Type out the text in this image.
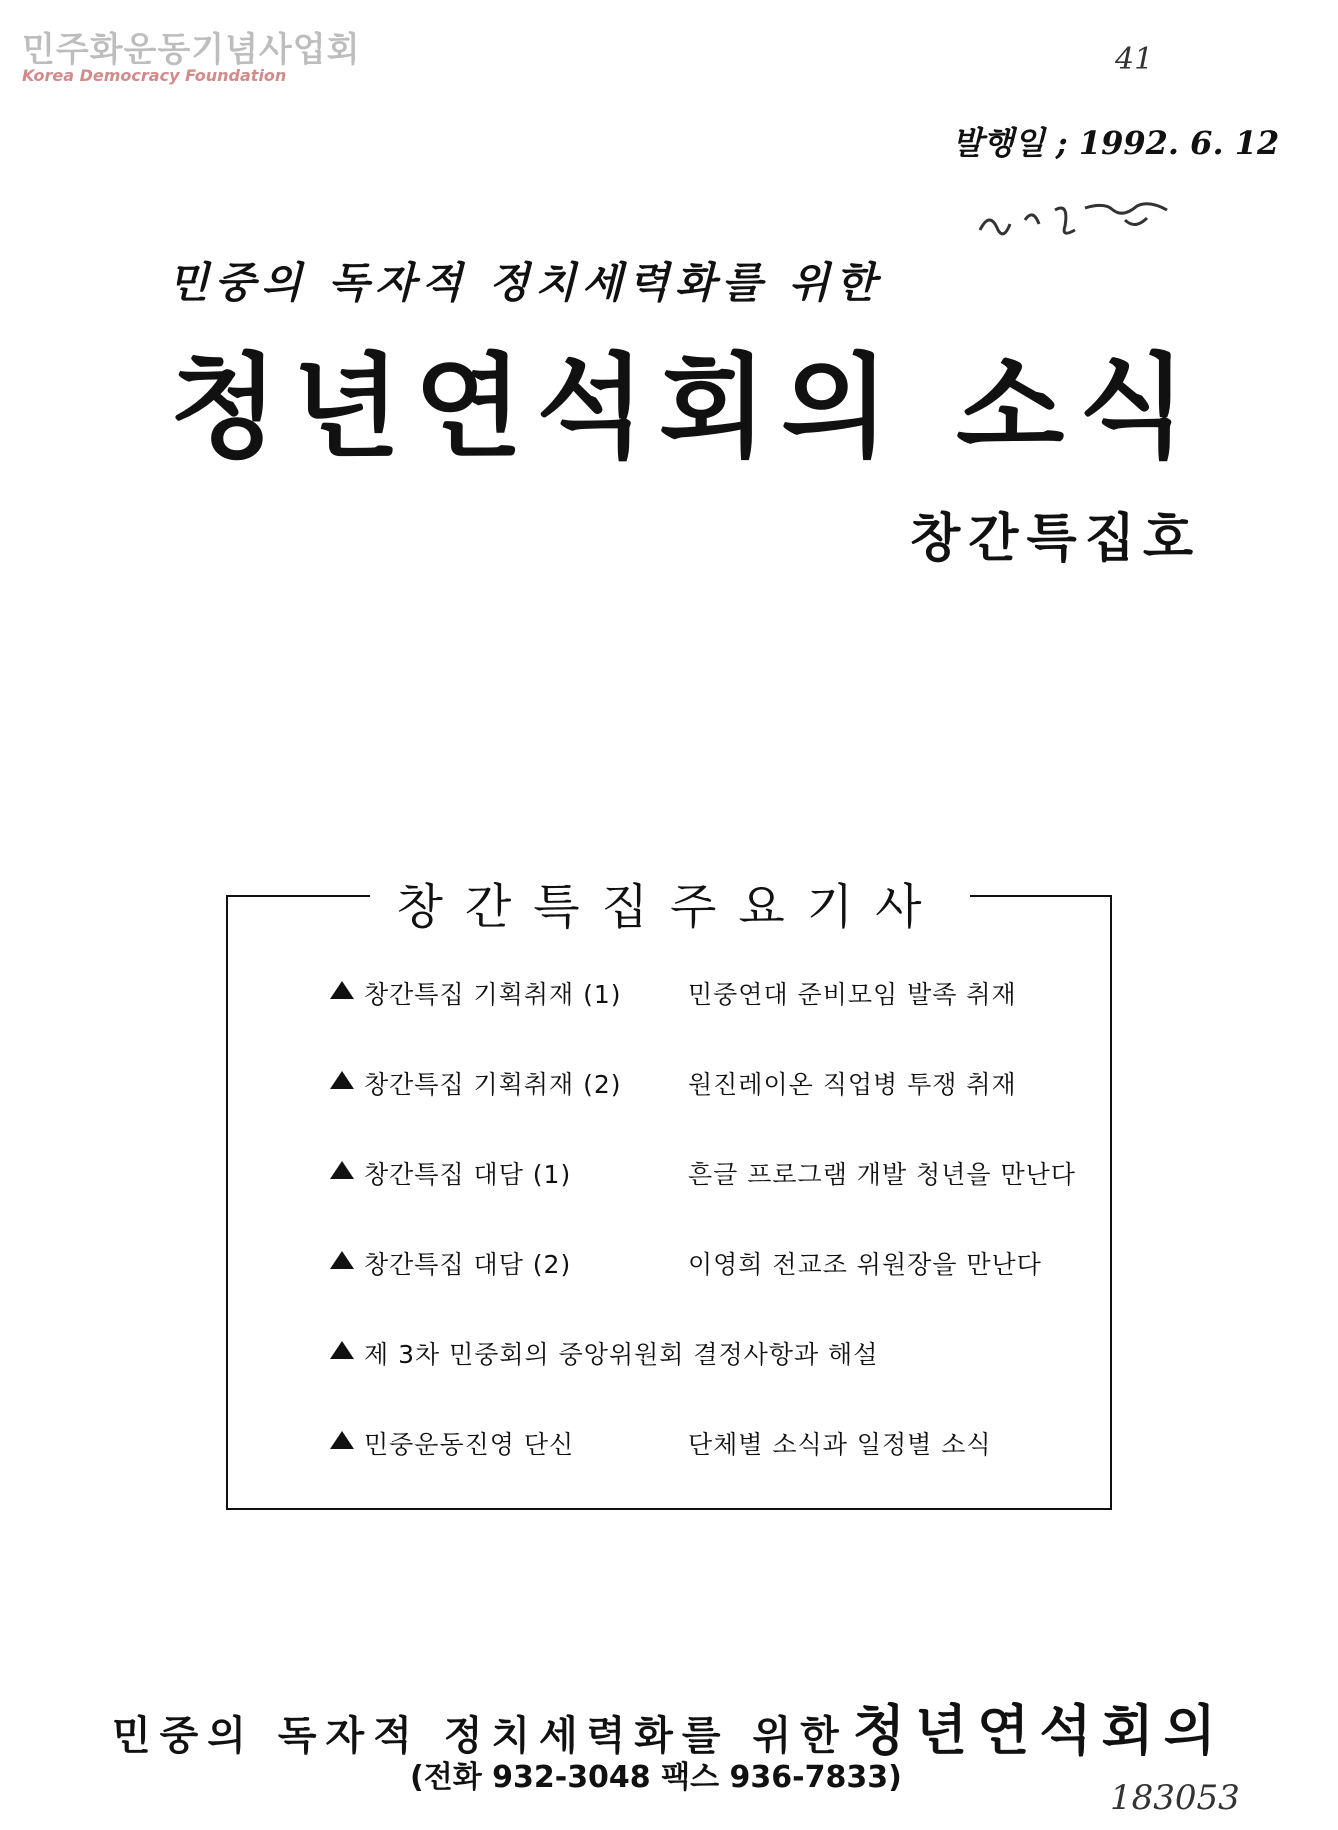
민주화운동기념사업회
Korea Democracy Foundation	41
발행일 ; 1992. 6. 12
민중의 독자적 정치세력화를 위한
청년연석회의 소식
창간특집호
창간특집주요기사
창간특집 기획취재 (1)	민중연대 준비모임 발족 취재
창간특집 기획취재 (2)	원진레이온 직업병 투쟁 취재
창간특집 대담 (1)	흔글 프로그램 개발 청년을 만난다
창간특집 대담 (2)	이영희 전교조 위원장을 만난다
제 3차 민중회의 중앙위원회 결정사항과 해설
민중운동진영 단신	단체별 소식과 일정별 소식
민중의 독자적 정치세력화를 위한 청년연석회의
(전화 932-3048 팩스 936-7833)
183053
